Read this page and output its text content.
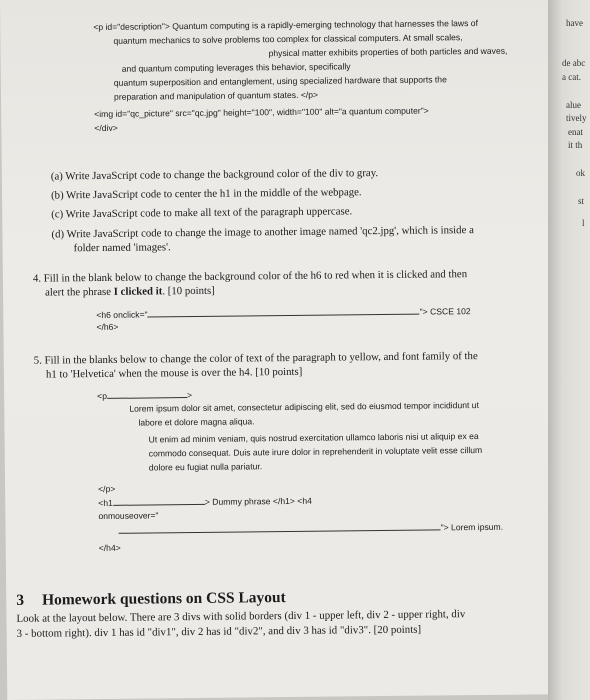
<p id="description"> Quantum computing is a rapidly-emerging technology that harnesses the laws of
quantum mechanics to solve problems too complex for classical computers. At small scales,
physical matter exhibits properties of both particles and waves,
and quantum computing leverages this behavior, specifically
quantum superposition and entanglement, using specialized hardware that supports the
preparation and manipulation of quantum states. </p>
<img id="qc_picture" src="qc.jpg" height="100", width="100" alt="a quantum computer">
</div>
(a) Write JavaScript code to change the background color of the div to gray.
(b) Write JavaScript code to center the h1 in the middle of the webpage.
(c) Write JavaScript code to make all text of the paragraph uppercase.
(d) Write JavaScript code to change the image to another image named 'qc2.jpg', which is inside a
folder named 'images'.
4. Fill in the blank below to change the background color of the h6 to red when it is clicked and then
alert the phrase I clicked it. [10 points]
<h6 onclick="	"> CSCE 102
</h6>
5. Fill in the blanks below to change the color of text of the paragraph to yellow, and font family of the
h1 to 'Helvetica' when the mouse is over the h4. [10 points]
<p	>
Lorem ipsum dolor sit amet, consectetur adipiscing elit, sed do eiusmod tempor incididunt ut
labore et dolore magna aliqua.
Ut enim ad minim veniam, quis nostrud exercitation ullamco laboris nisi ut aliquip ex ea
commodo consequat. Duis aute irure dolor in reprehenderit in voluptate velit esse cillum
dolore eu fugiat nulla pariatur.
</p>
<h1	> Dummy phrase </h1> <h4
onmouseover="
"> Lorem ipsum.
</h4>
3 Homework questions on CSS Layout
Look at the layout below. There are 3 divs with solid borders (div 1 - upper left, div 2 - upper right, div
3 - bottom right). div 1 has id "div1", div 2 has id "div2", and div 3 has id "div3". [20 points]
have
de abc
a cat.
alue
tively
enat
it th
ok
st
l
